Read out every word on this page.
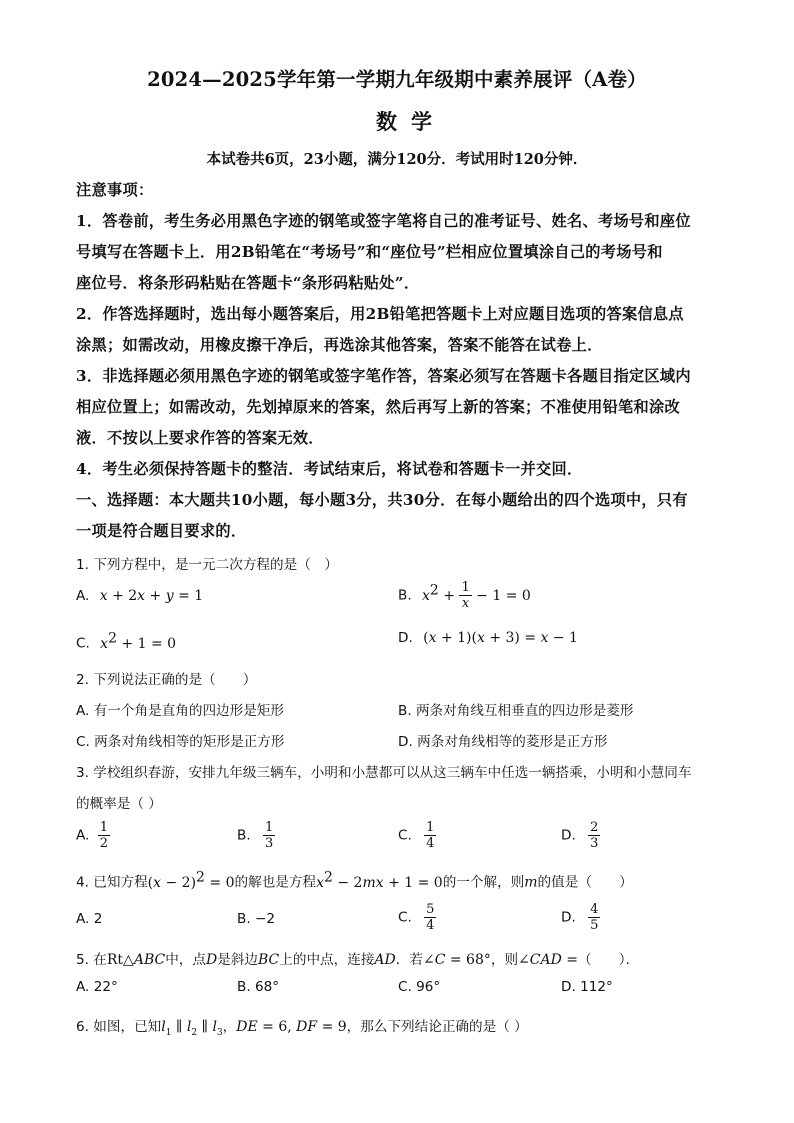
2024—2025学年第一学期九年级期中素养展评（A卷）
数学
本试卷共6页，23小题，满分120分．考试用时120分钟．
注意事项：
1．答卷前，考生务必用黑色字迹的钢笔或签字笔将自己的准考证号、姓名、考场号和座位
号填写在答题卡上．用2B铅笔在“考场号”和“座位号”栏相应位置填涂自己的考场号和
座位号．将条形码粘贴在答题卡“条形码粘贴处”．
2．作答选择题时，选出每小题答案后，用2B铅笔把答题卡上对应题目选项的答案信息点
涂黑；如需改动，用橡皮擦干净后，再选涂其他答案，答案不能答在试卷上．
3．非选择题必须用黑色字迹的钢笔或签字笔作答，答案必须写在答题卡各题目指定区域内
相应位置上；如需改动，先划掉原来的答案，然后再写上新的答案；不准使用铅笔和涂改
液．不按以上要求作答的答案无效．
4．考生必须保持答题卡的整洁．考试结束后，将试卷和答题卡一并交回．
一、选择题：本大题共10小题，每小题3分，共30分．在每小题给出的四个选项中，只有
一项是符合题目要求的．
1. 下列方程中，是一元二次方程的是（　）
A. x + 2x + y = 1	B. $x^2 + \frac{1}{x} - 1 = 0$
C. $x^2 + 1 = 0$	D. (x + 1)(x + 3) = x − 1
2. 下列说法正确的是（　　）
A. 有一个角是直角的四边形是矩形	B. 两条对角线互相垂直的四边形是菱形
C. 两条对角线相等的矩形是正方形	D. 两条对角线相等的菱形是正方形
3. 学校组织春游，安排九年级三辆车，小明和小慧都可以从这三辆车中任选一辆搭乘，小明和小慧同车
的概率是（ ）
A. $\frac{1}{2}$	B. $\frac{1}{3}$	C. $\frac{1}{4}$	D. $\frac{2}{3}$
4. 已知方程$(x - 2)^2 = 0$的解也是方程$x^2 - 2mx + 1 = 0$的一个解，则m的值是（　　）
A. 2	B. −2	C. $\frac{5}{4}$	D. $\frac{4}{5}$
5. 在Rt△ABC中，点D是斜边BC上的中点，连接AD．若∠C = 68°，则∠CAD =（　　）．
A. 22°	B. 68°	C. 96°	D. 112°
6. 如图，已知$l_1$ ∥ $l_2$ ∥ $l_3$，DE = 6, DF = 9，那么下列结论正确的是（ ）
